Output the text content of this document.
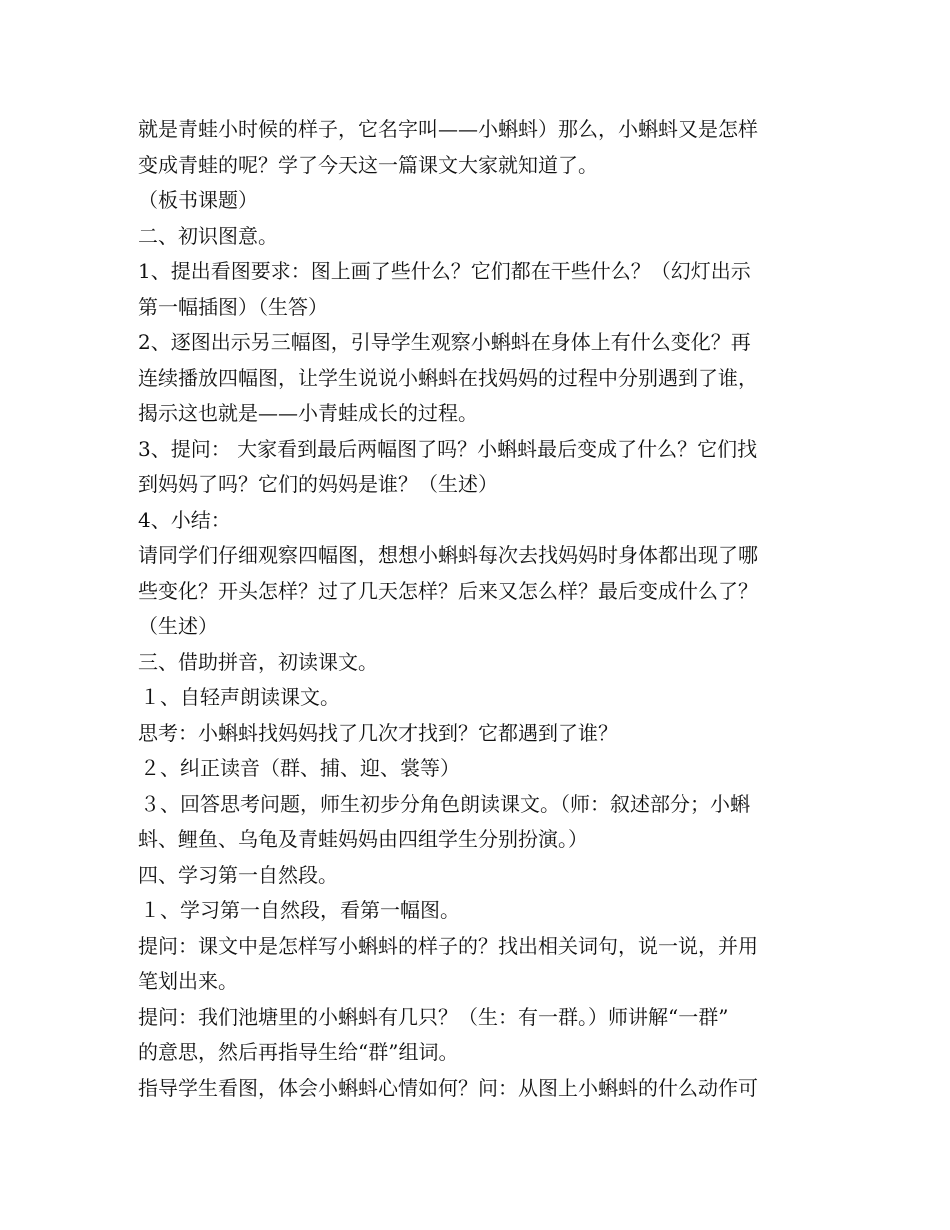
就是青蛙小时候的样子，它名字叫——小蝌蚪）那么，小蝌蚪又是怎样
变成青蛙的呢？学了今天这一篇课文大家就知道了。
（板书课题）
二、初识图意。
1、提出看图要求：图上画了些什么？它们都在干些什么？（幻灯出示
第一幅插图）（生答）
2、逐图出示另三幅图，引导学生观察小蝌蚪在身体上有什么变化？再
连续播放四幅图，让学生说说小蝌蚪在找妈妈的过程中分别遇到了谁，
揭示这也就是——小青蛙成长的过程。
3、提问： 大家看到最后两幅图了吗？小蝌蚪最后变成了什么？它们找
到妈妈了吗？它们的妈妈是谁？（生述）
4、小结：
请同学们仔细观察四幅图，想想小蝌蚪每次去找妈妈时身体都出现了哪
些变化？开头怎样？过了几天怎样？后来又怎么样？最后变成什么了？
（生述）
三、借助拼音，初读课文。
１、自轻声朗读课文。
思考：小蝌蚪找妈妈找了几次才找到？它都遇到了谁？
２、纠正读音（群、捕、迎、裳等）
３、回答思考问题，师生初步分角色朗读课文。（师：叙述部分；小蝌
蚪、鲤鱼、乌龟及青蛙妈妈由四组学生分别扮演。）
四、学习第一自然段。
１、学习第一自然段，看第一幅图。
提问：课文中是怎样写小蝌蚪的样子的？找出相关词句，说一说，并用
笔划出来。
提问：我们池塘里的小蝌蚪有几只？（生：有一群。）师讲解“一群”
的意思，然后再指导生给“群”组词。
指导学生看图，体会小蝌蚪心情如何？问：从图上小蝌蚪的什么动作可
